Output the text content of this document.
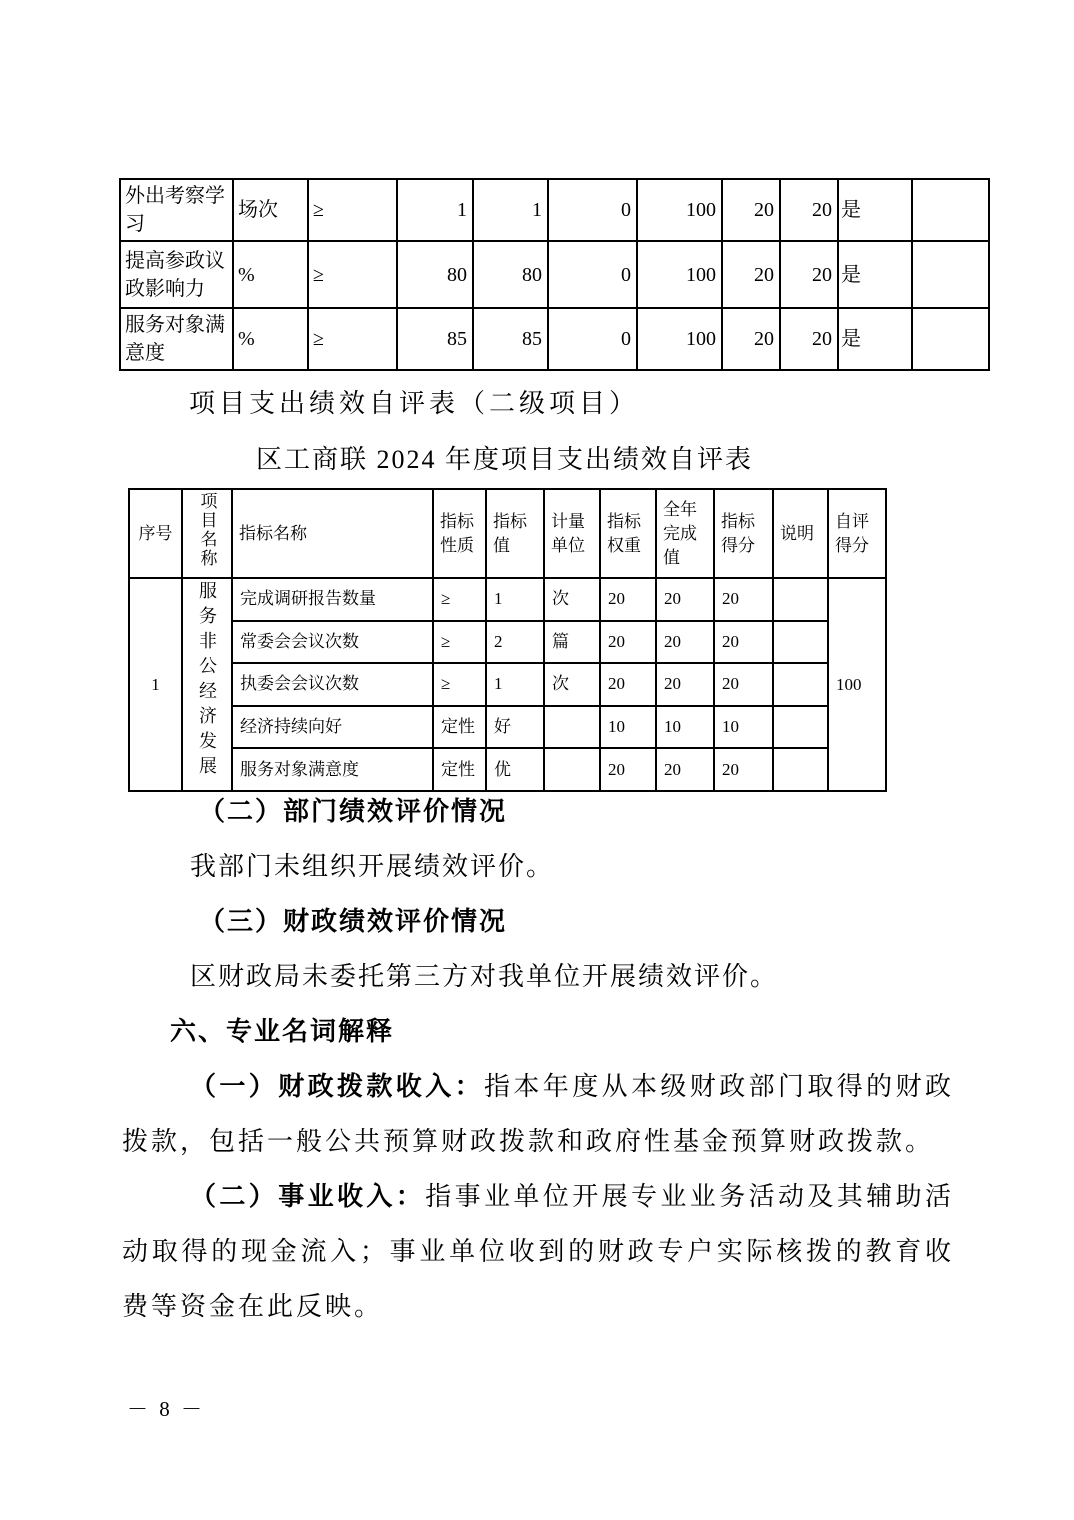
外出考察学习	场次	≥	1	1	0	100	20	20	是	
提高参政议政影响力	%	≥	80	80	0	100	20	20	是	
服务对象满意度	%	≥	85	85	0	100	20	20	是	
项目支出绩效自评表（二级项目）
区工商联 2024 年度项目支出绩效自评表
序号	项目名称	指标名称	指标性质	指标值	计量单位	指标权重	全年完成值	指标得分	说明	自评得分
1	服务非公经济发展	完成调研报告数量	≥	1	次	20	20	20		100
		常委会会议次数	≥	2	篇	20	20	20		
		执委会会议次数	≥	1	次	20	20	20		
		经济持续向好	定性	好		10	10	10		
		服务对象满意度	定性	优		20	20	20		

（二）部门绩效评价情况

我部门未组织开展绩效评价。

（三）财政绩效评价情况

区财政局未委托第三方对我单位开展绩效评价。

六、专业名词解释

（一）财政拨款收入：指本年度从本级财政部门取得的财政拨款，包括一般公共预算财政拨款和政府性基金预算财政拨款。

（二）事业收入：指事业单位开展专业业务活动及其辅助活动取得的现金流入；事业单位收到的财政专户实际核拨的教育收费等资金在此反映。

－ 8 －
